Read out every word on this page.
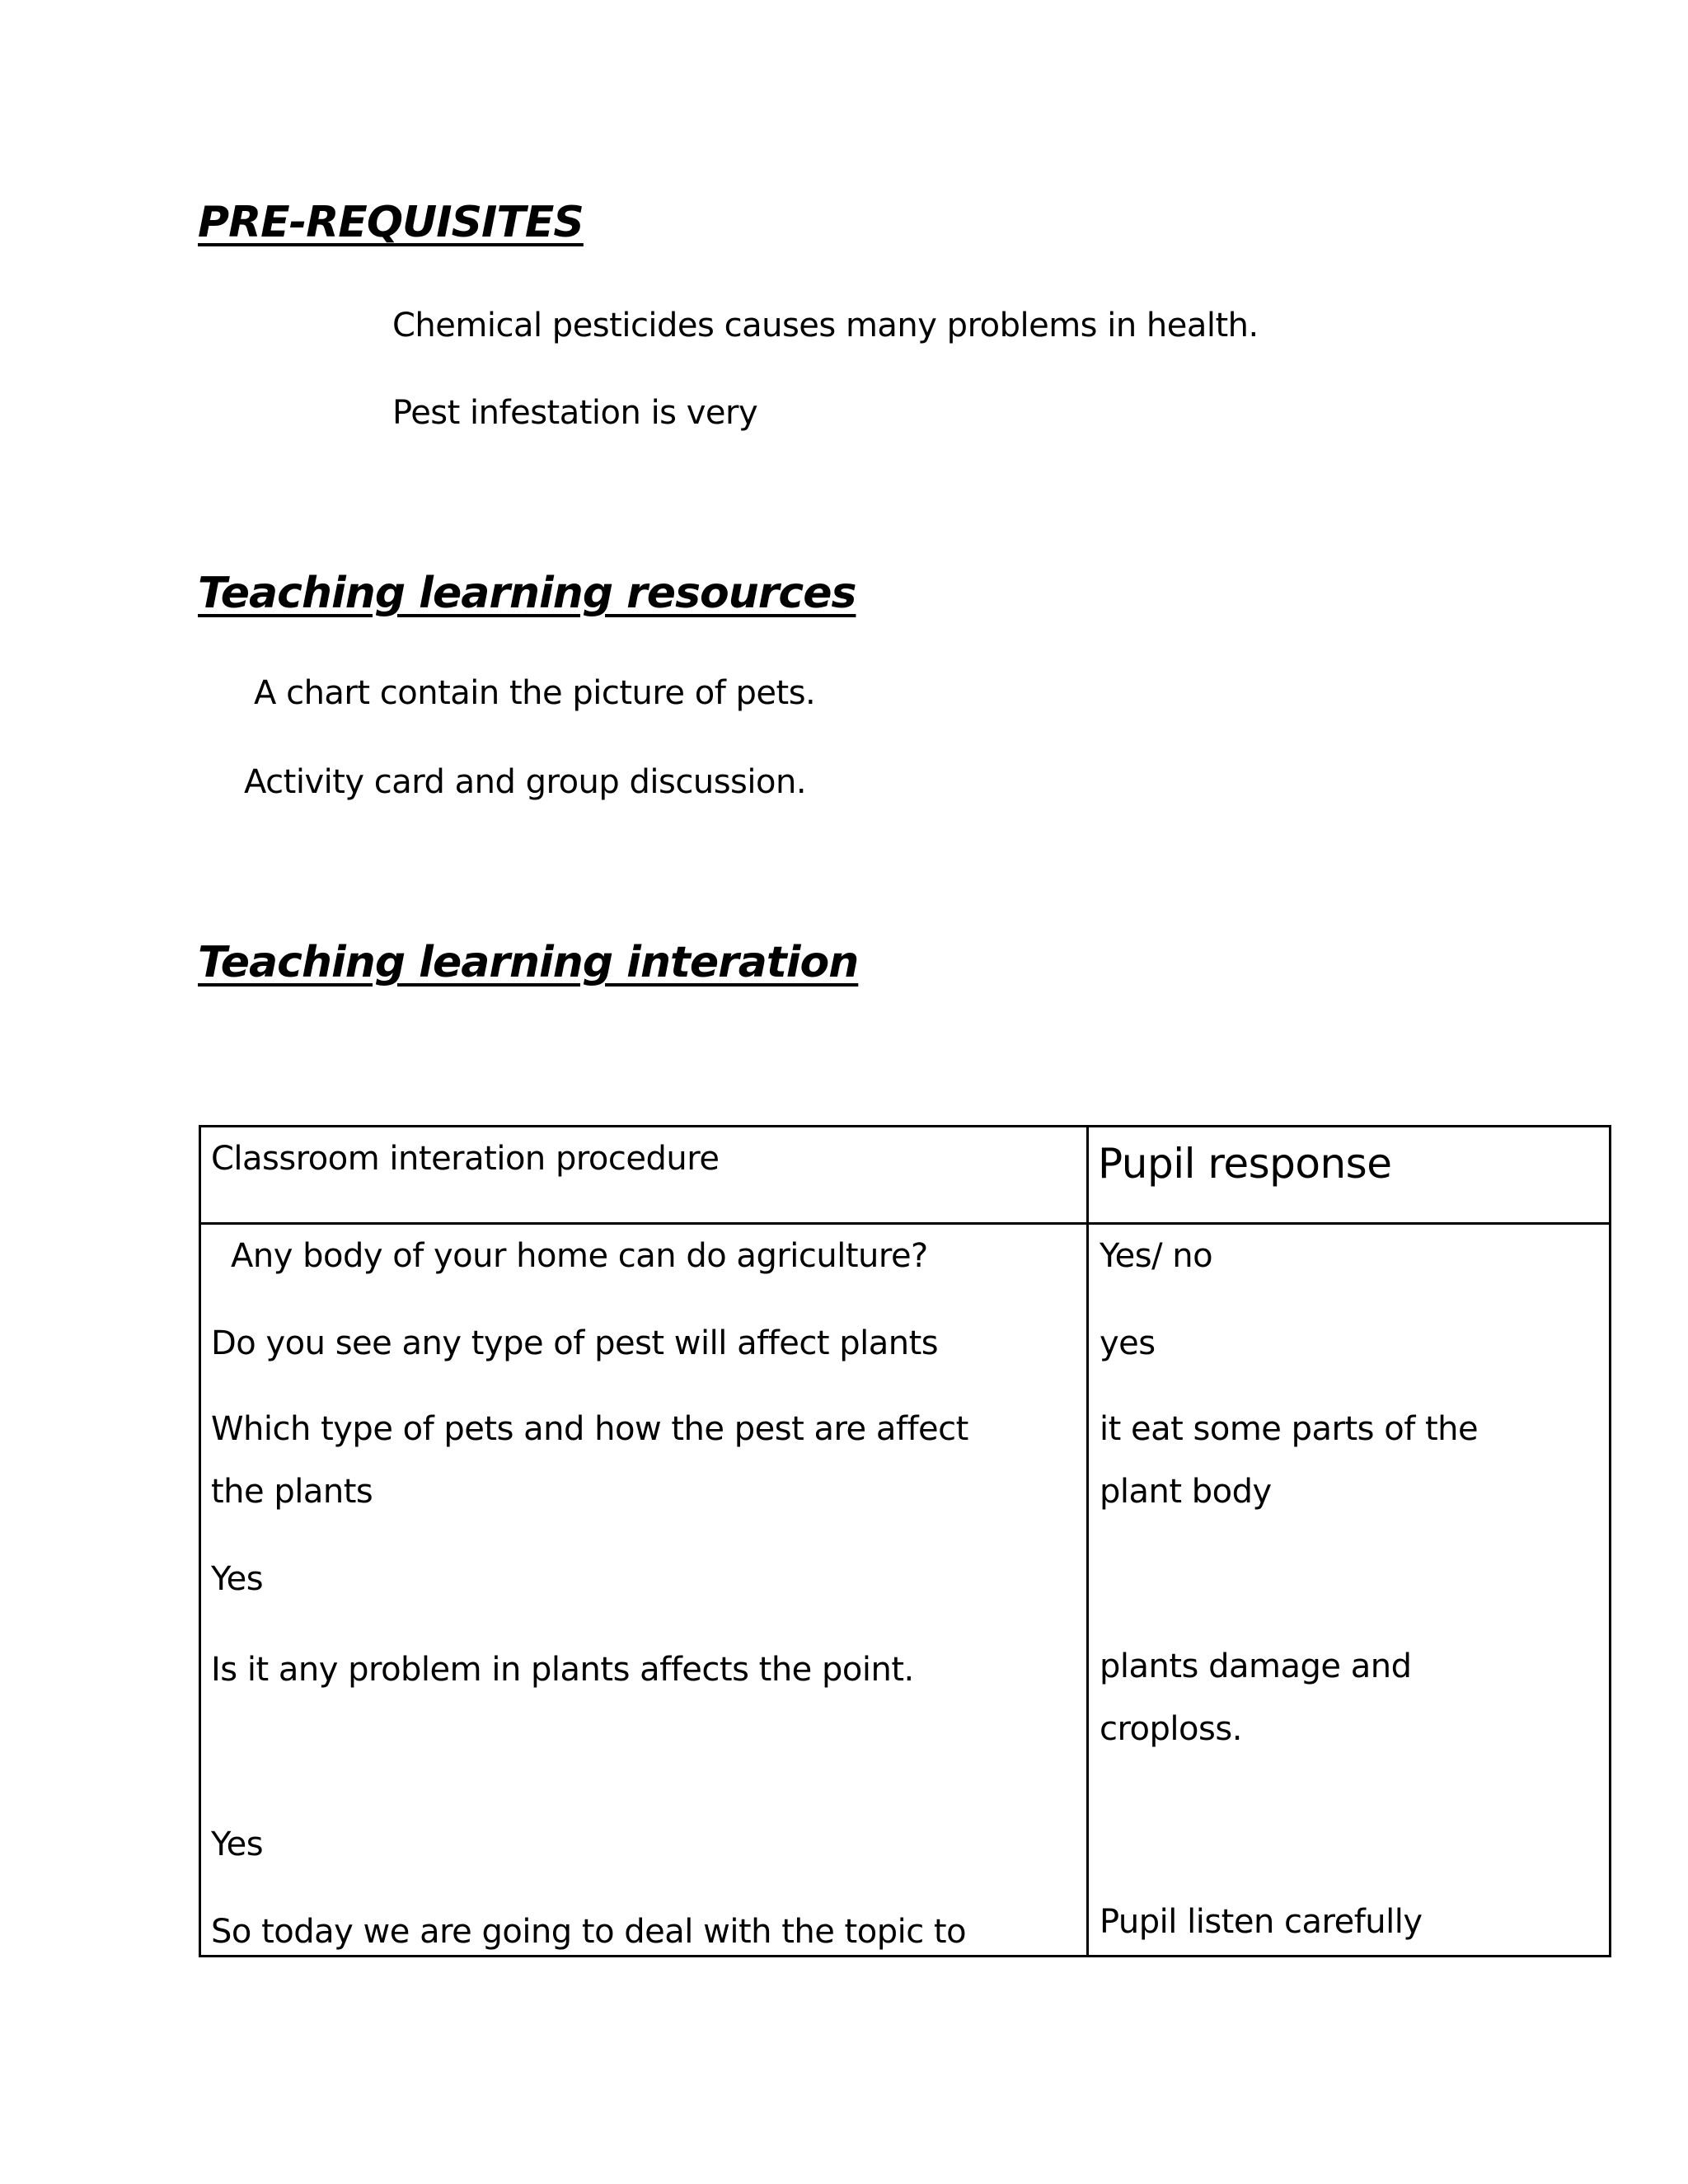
PRE-REQUISITES

Chemical pesticides causes many problems in health.

Pest infestation is very

Teaching learning resources

A chart contain the picture of pets.

Activity card and group discussion.

Teaching learning interation

Classroom interation procedure	Pupil response

Any body of your home can do agriculture?

Do you see any type of pest will affect plants

Which type of pets and how the pest are affect

the plants

Yes

Is it any problem in plants affects the point.

Yes

So today we are going to deal with the topic to

Yes/ no

yes

it eat some parts of the

plant body

plants damage and

croploss.

Pupil listen carefully
